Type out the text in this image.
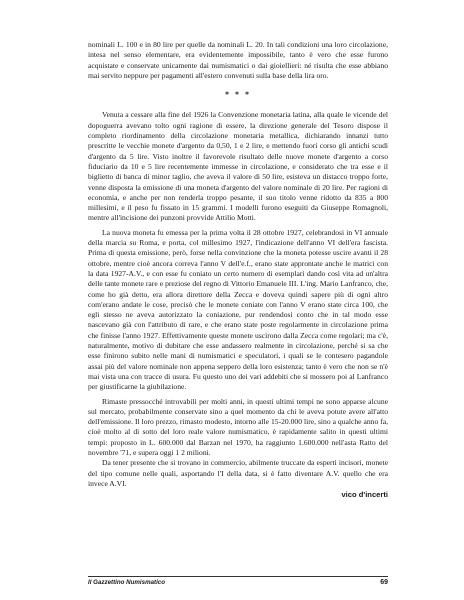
nominali L. 100 e in 80 lire per quelle da nominali L. 20. In tali condizioni una loro circolazione, intesa nel senso elementare, era evidentemente impossibile, tanto è vero che esse furono acquistate e conservate unicamente dai numismatici o dai gioiellieri: né risulta che esse abbiano mai servito neppure per pagamenti all'estero convenuti sulla base della lira oro.

* * *

Venuta a cessare alla fine del 1926 la Convenzione monetaria latina, alla quale le vicende del dopoguerra avevano tolto ogni ragione di essere, la direzione generale del Tesoro dispose il completo riordinamento della circolazione monetaria metallica, dichiarando innanzi tutto prescritte le vecchie monete d'argento da 0,50, 1 e 2 lire, e mettendo fuori corso gli antichi scudi d'argento da 5 lire. Visto inoltre il favorevole risultato delle nuove monete d'argento a corso fiduciario da 10 e 5 lire recentemente immesse in circolazione, e considerato che tra esse e il biglietto di banca di minor taglio, che aveva il valore di 50 lire, esisteva un distacco troppo forte, venne disposta la emissione di una moneta d'argento del valore nominale di 20 lire. Per ragioni di economia, e anche per non renderla troppo pesante, il suo titolo venne ridotto da 835 a 800 millesimi, e il peso fu fissato in 15 grammi. I modelli furono eseguiti da Giuseppe Romagnoli, mentre all'incisione dei punzoni provvide Attilio Motti.

La nuova moneta fu emessa per la prima volta il 28 ottobre 1927, celebrandosi in VI annuale della marcia su Roma, e porta, col millesimo 1927, l'indicazione dell'anno VI dell'era fascista. Prima di questa emissione, però, forse nella convinzione che la moneta potesse uscire avanti il 28 ottobre, mentre cioè ancora correva l'anno V dell'e.f., erano state approntate anche le matrici con la data 1927-A.V., e con esse fu coniato un certo numero di esemplari dando così vita ad un'altra delle tante monete rare e preziose del regno di Vittorio Emanuele III. L'ing. Mario Lanfranco, che, come ho già detto, era allora direttore della Zecca e doveva quindi sapere più di ogni altro com'erano andate le cose, precisò che le monete coniate con l'anno V erano state circa 100, che egli stesso ne aveva autorizzato la coniazione, pur rendendosi conto che in tal modo esse nascevano già con l'attributo di rare, e che erano state poste regolarmente in circolazione prima che finisse l'anno 1927. Effettivamente queste monete uscirono dalla Zecca come regolari; ma c'è, naturalmente, motivo di dubitare che esse andassero realmente in circolazione, perché si sa che esse finirono subito nelle mani di numismatici e speculatori, i quali se le contesero pagandole assai più del valore nominale non appena seppero della loro esistenza; tanto è vero che non se n'è mai vista una con tracce di usura. Fu questo uno dei vari addebiti che si mossero poi al Lanfranco per giustificarne la giubilazione.

Rimaste pressocché introvabili per molti anni, in questi ultimi tempi ne sono apparse alcune sul mercato, probabilmente conservate sino a quel momento da chi le aveva potute avere all'atto dell'emissione. Il loro prezzo, rimasto modesto, intorno alle 15-20.000 lire, sino a qualche anno fa, cioè molto al di sotto del loro reale valore numismatico, è rapidamente salito in questi ultimi tempi: proposto in L. 600.000 dal Barzan nel 1970, ha raggiunto 1.600.000 nell'asta Ratto del novembre '71, e supera oggi 1 2 milioni.

Da tener presente che si trovano in commercio, abilmente truccate da esperti incisori, monete del tipo comune nelle quali, asportando l'I della data, si è fatto diventare A.V. quello che era invece A.VI.

vico d'incerti
Il Gazzettino Numismatico	69
